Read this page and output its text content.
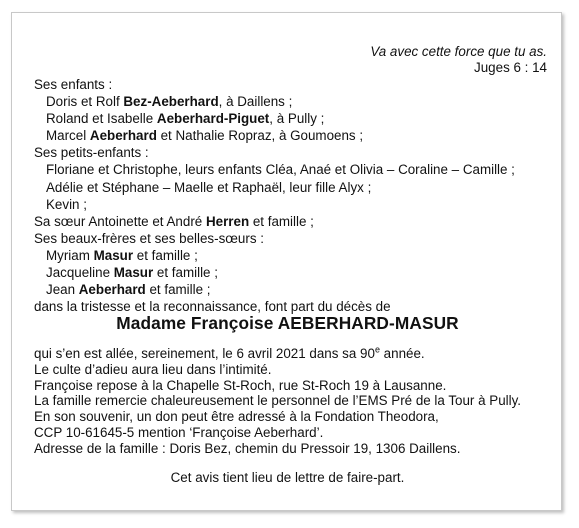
Va avec cette force que tu as.
Juges 6 : 14
Ses enfants :
Doris et Rolf Bez-Aeberhard, à Daillens ;
Roland et Isabelle Aeberhard-Piguet, à Pully ;
Marcel Aeberhard et Nathalie Ropraz, à Goumoens ;
Ses petits-enfants :
Floriane et Christophe, leurs enfants Cléa, Anaé et Olivia – Coraline – Camille ;
Adélie et Stéphane – Maelle et Raphaël, leur fille Alyx ;
Kevin ;
Sa sœur Antoinette et André Herren et famille ;
Ses beaux-frères et ses belles-sœurs :
Myriam Masur et famille ;
Jacqueline Masur et famille ;
Jean Aeberhard et famille ;
dans la tristesse et la reconnaissance, font part du décès de
Madame Françoise AEBERHARD-MASUR
qui s’en est allée, sereinement, le 6 avril 2021 dans sa 90e année.
Le culte d’adieu aura lieu dans l’intimité.
Françoise repose à la Chapelle St-Roch, rue St-Roch 19 à Lausanne.
La famille remercie chaleureusement le personnel de l’EMS Pré de la Tour à Pully.
En son souvenir, un don peut être adressé à la Fondation Theodora,
CCP 10-61645-5 mention ‘Françoise Aeberhard’.
Adresse de la famille : Doris Bez, chemin du Pressoir 19, 1306 Daillens.
Cet avis tient lieu de lettre de faire-part.
